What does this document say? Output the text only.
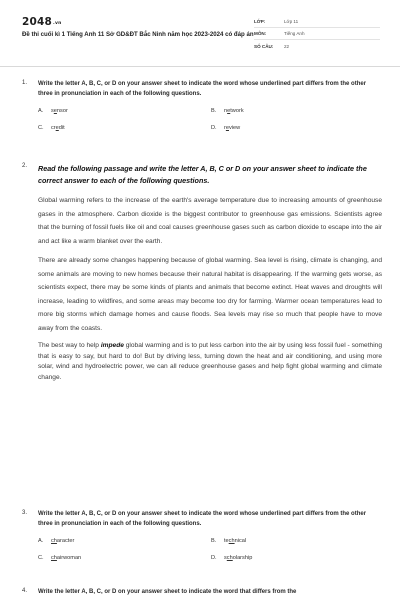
2048.vn
Đề thi cuối kì 1 Tiếng Anh 11 Sở GD&ĐT Bắc Ninh năm học 2023-2024 có đáp án
LỚP:	Lớp 11
MÔN:	Tiếng Anh
SỐ CÂU:	22
1. Write the letter A, B, C, or D on your answer sheet to indicate the word whose underlined part differs from the other three in pronunciation in each of the following questions.
A.	sensor	B.	network
C.	credit	D.	review
2. Read the following passage and write the letter A, B, C or D on your answer sheet to indicate the correct answer to each of the following questions.

Global warming refers to the increase of the earth's average temperature due to increasing amounts of greenhouse gases in the atmosphere. Carbon dioxide is the biggest contributor to greenhouse gas emissions. Scientists agree that the burning of fossil fuels like oil and coal causes greenhouse gases such as carbon dioxide to escape into the air and act like a warm blanket over the earth.

There are already some changes happening because of global warming. Sea level is rising, climate is changing, and some animals are moving to new homes because their natural habitat is disappearing. If the warming gets worse, as scientists expect, there may be some kinds of plants and animals that become extinct. Heat waves and droughts will increase, leading to wildfires, and some areas may become too dry for farming. Warmer ocean temperatures lead to more big storms which damage homes and cause floods. Sea levels may rise so much that people have to move away from the coasts.

The best way to help impede global warming and is to put less carbon into the air by using less fossil fuel - something that is easy to say, but hard to do! But by driving less, turning down the heat and air conditioning, and using more solar, wind and hydroelectric power, we can all reduce greenhouse gases and help fight global warming and climate change.

3. Write the letter A, B, C, or D on your answer sheet to indicate the word whose underlined part differs from the other three in pronunciation in each of the following questions.
A.	character	B.	technical
C.	chairwoman	D.	scholarship
4. Write the letter A, B, C, or D on your answer sheet to indicate the word that differs from the
